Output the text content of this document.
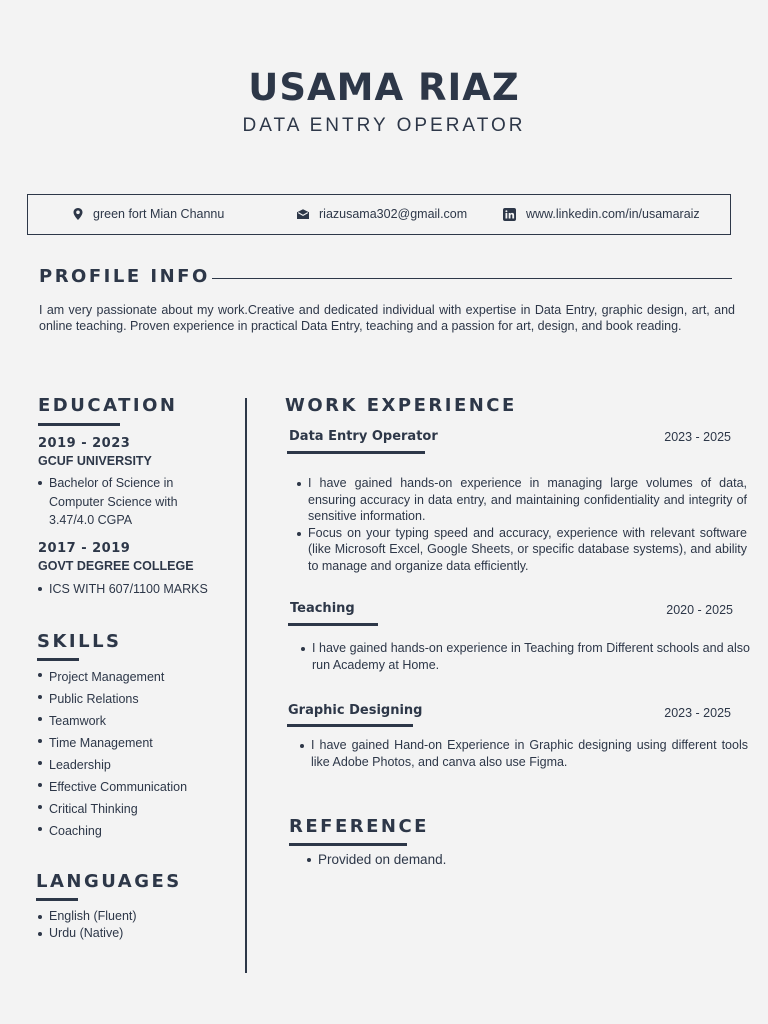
USAMA RIAZ
DATA ENTRY OPERATOR
green fort Mian Channu	riazusama302@gmail.com	www.linkedin.com/in/usamaraiz
PROFILE INFO
I am very passionate about my work.Creative and dedicated individual with expertise in Data Entry, graphic design, art, and online teaching. Proven experience in practical Data Entry, teaching and a passion for art, design, and book reading.
EDUCATION
2019 - 2023
GCUF UNIVERSITY
Bachelor of Science in Computer Science with 3.47/4.0 CGPA
2017 - 2019
GOVT DEGREE COLLEGE
ICS WITH 607/1100 MARKS
SKILLS
Project Management
Public Relations
Teamwork
Time Management
Leadership
Effective Communication
Critical Thinking
Coaching
LANGUAGES
English (Fluent)
Urdu (Native)
WORK EXPERIENCE
Data Entry Operator	2023 - 2025
I have gained hands-on experience in managing large volumes of data, ensuring accuracy in data entry, and maintaining confidentiality and integrity of sensitive information.
Focus on your typing speed and accuracy, experience with relevant software (like Microsoft Excel, Google Sheets, or specific database systems), and ability to manage and organize data efficiently.
Teaching	2020 - 2025
I have gained hands-on experience in Teaching from Different schools and also run Academy at Home.
Graphic Designing	2023 - 2025
I have gained Hand-on Experience in Graphic designing using different tools like Adobe Photos, and canva also use Figma.
REFERENCE
Provided on demand.
